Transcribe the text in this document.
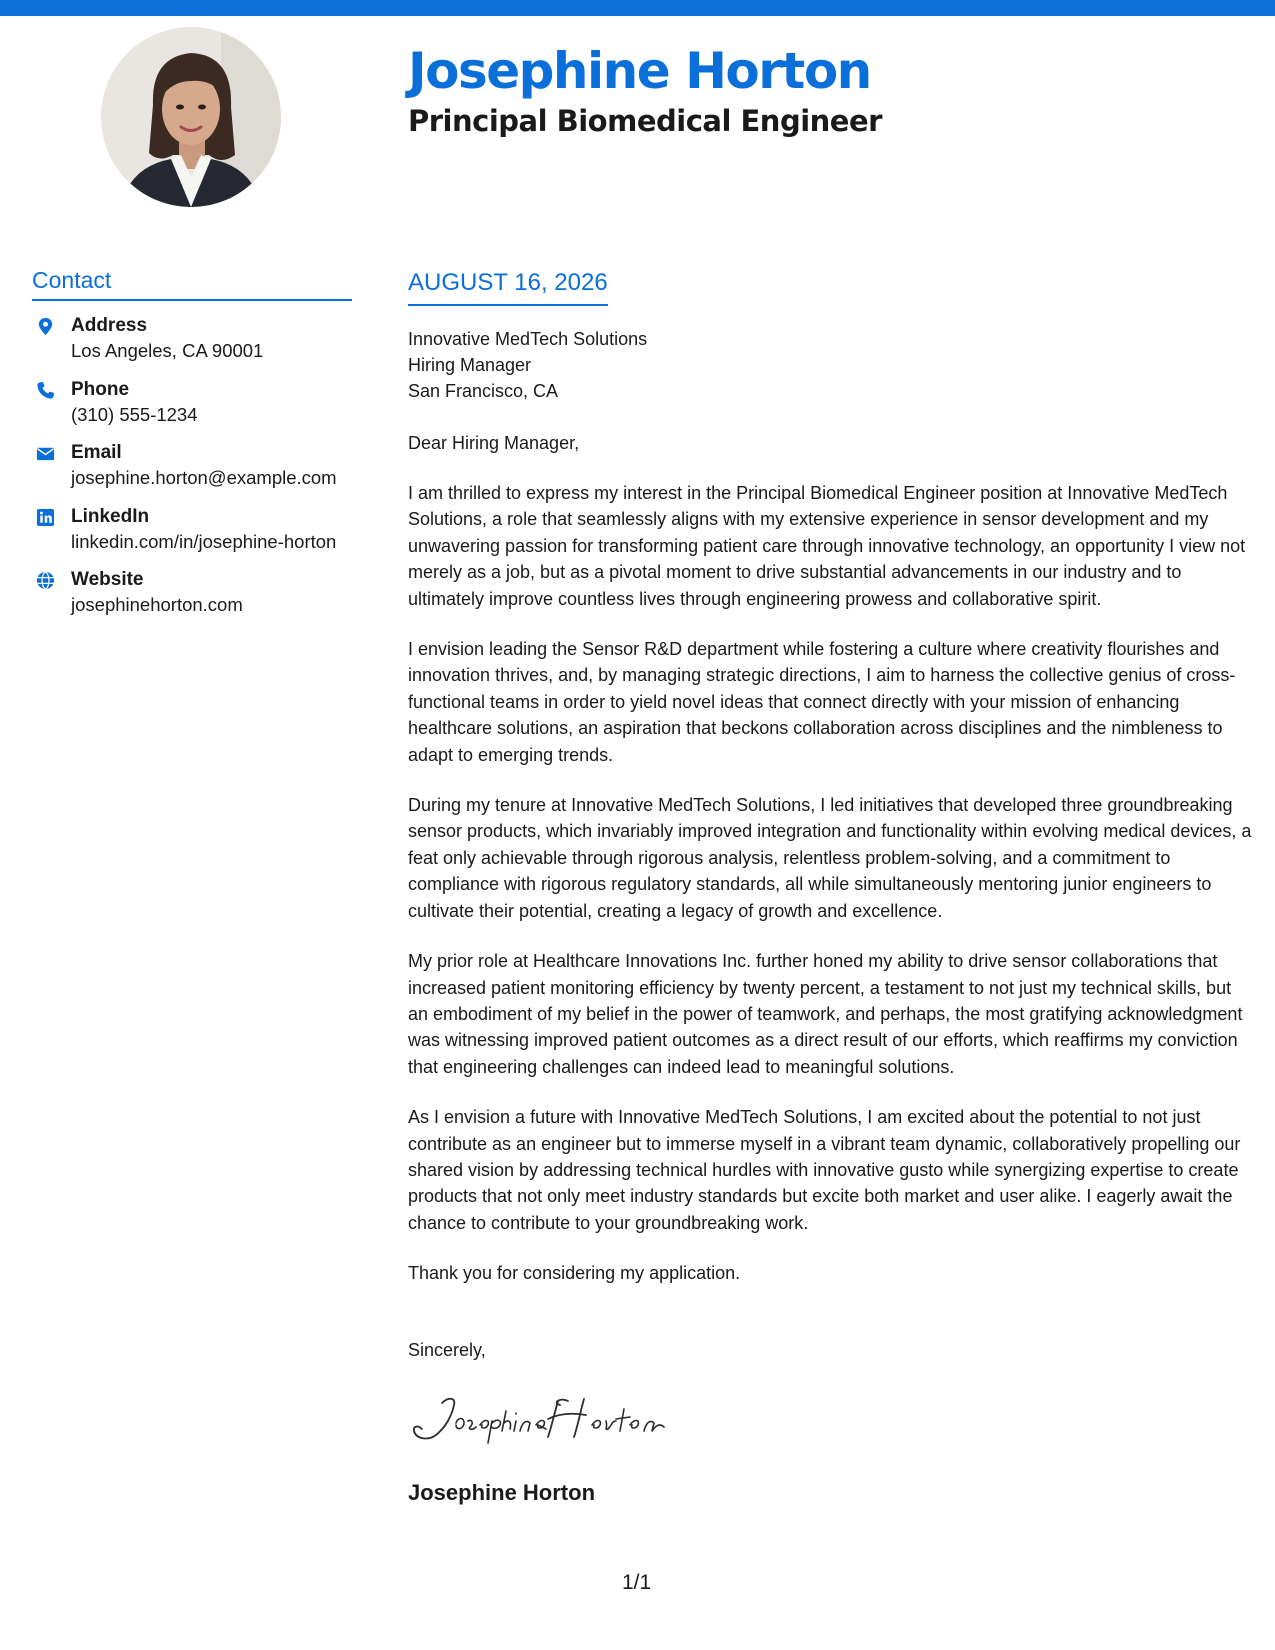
Josephine Horton
Principal Biomedical Engineer
Contact
Address
Los Angeles, CA 90001
Phone
(310) 555-1234
Email
josephine.horton@example.com
LinkedIn
linkedin.com/in/josephine-horton
Website
josephinehorton.com
AUGUST 16, 2026
Innovative MedTech Solutions
Hiring Manager
San Francisco, CA
Dear Hiring Manager,

I am thrilled to express my interest in the Principal Biomedical Engineer position at Innovative MedTech Solutions, a role that seamlessly aligns with my extensive experience in sensor development and my unwavering passion for transforming patient care through innovative technology, an opportunity I view not merely as a job, but as a pivotal moment to drive substantial advancements in our industry and to ultimately improve countless lives through engineering prowess and collaborative spirit.

I envision leading the Sensor R&D department while fostering a culture where creativity flourishes and innovation thrives, and, by managing strategic directions, I aim to harness the collective genius of cross-functional teams in order to yield novel ideas that connect directly with your mission of enhancing healthcare solutions, an aspiration that beckons collaboration across disciplines and the nimbleness to adapt to emerging trends.

During my tenure at Innovative MedTech Solutions, I led initiatives that developed three groundbreaking sensor products, which invariably improved integration and functionality within evolving medical devices, a feat only achievable through rigorous analysis, relentless problem-solving, and a commitment to compliance with rigorous regulatory standards, all while simultaneously mentoring junior engineers to cultivate their potential, creating a legacy of growth and excellence.

My prior role at Healthcare Innovations Inc. further honed my ability to drive sensor collaborations that increased patient monitoring efficiency by twenty percent, a testament to not just my technical skills, but an embodiment of my belief in the power of teamwork, and perhaps, the most gratifying acknowledgment was witnessing improved patient outcomes as a direct result of our efforts, which reaffirms my conviction that engineering challenges can indeed lead to meaningful solutions.

As I envision a future with Innovative MedTech Solutions, I am excited about the potential to not just contribute as an engineer but to immerse myself in a vibrant team dynamic, collaboratively propelling our shared vision by addressing technical hurdles with innovative gusto while synergizing expertise to create products that not only meet industry standards but excite both market and user alike. I eagerly await the chance to contribute to your groundbreaking work.

Thank you for considering my application.

Sincerely,
Josephine Horton
1/1
